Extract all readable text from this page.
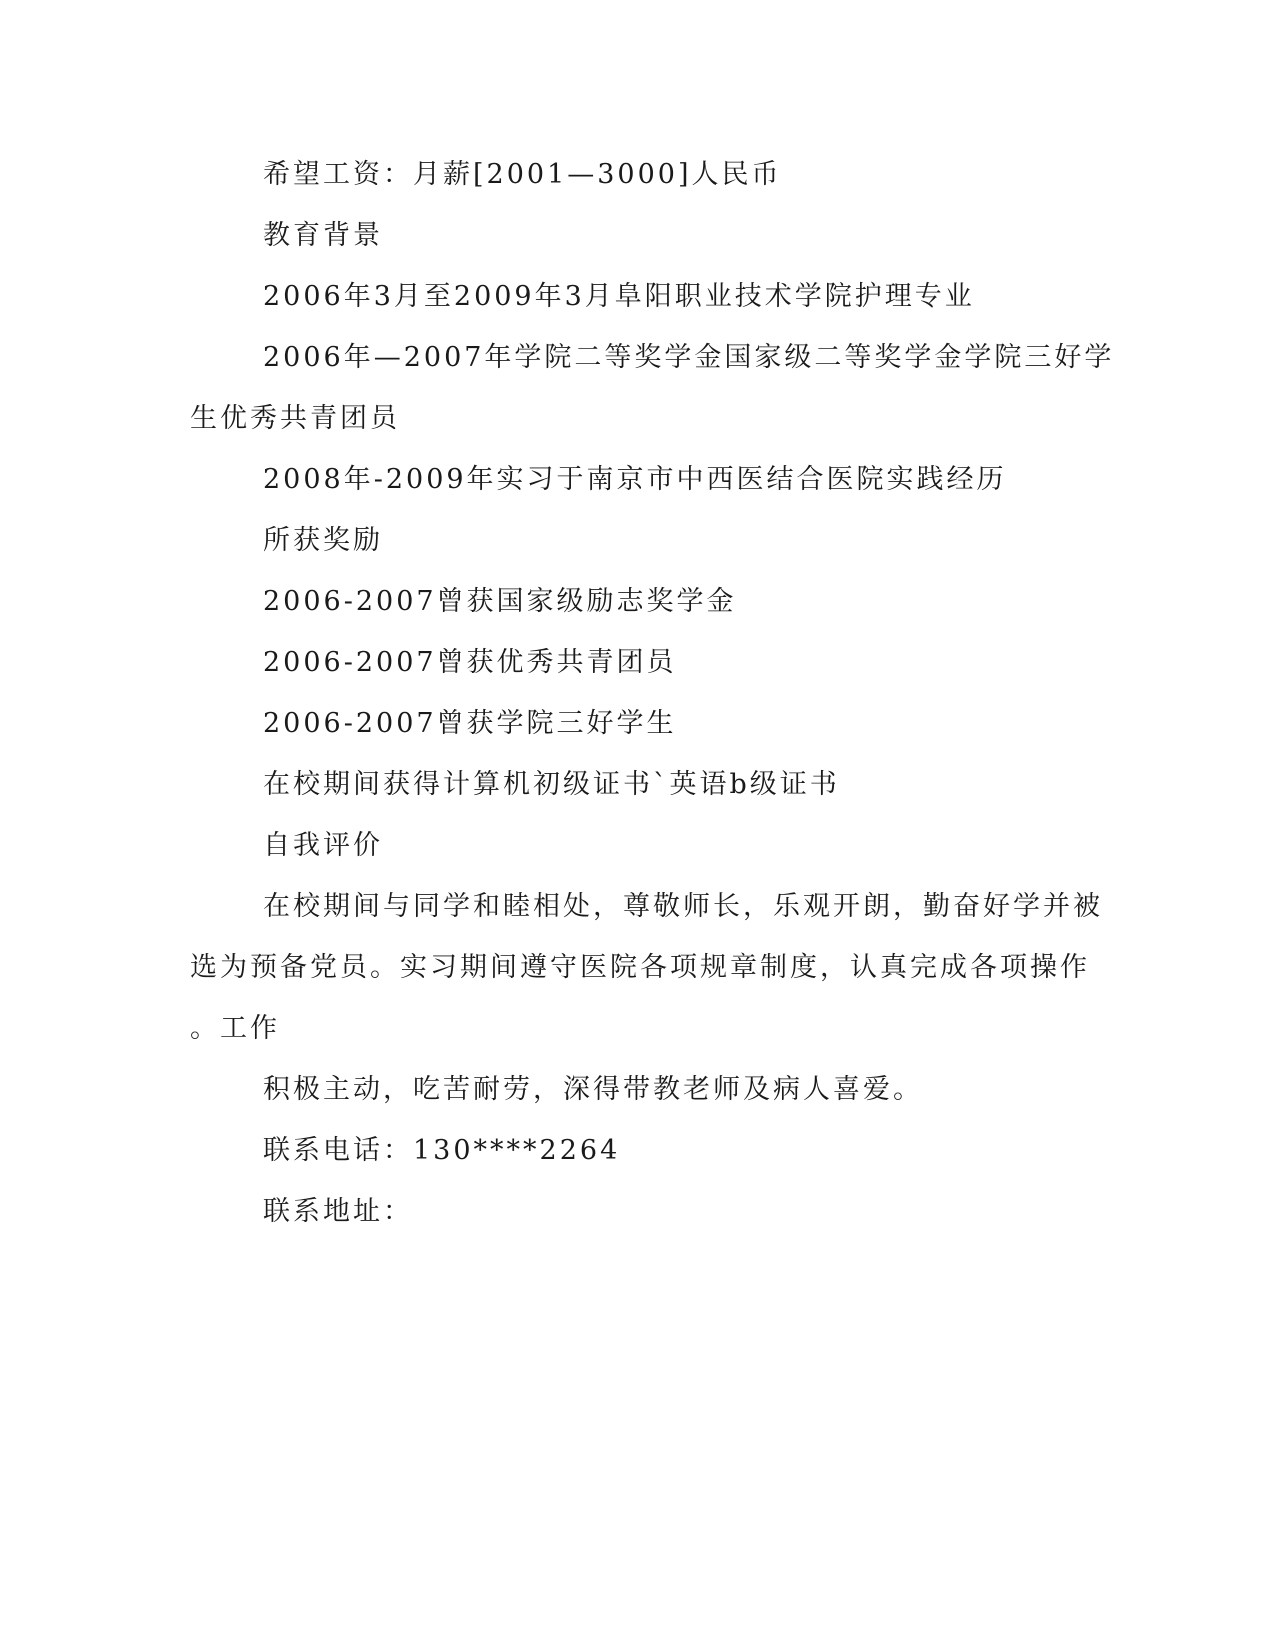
希望工资：月薪[2001—3000]人民币
教育背景
2006年3月至2009年3月阜阳职业技术学院护理专业
2006年—2007年学院二等奖学金国家级二等奖学金学院三好学
生优秀共青团员
2008年-2009年实习于南京市中西医结合医院实践经历
所获奖励
2006-2007曾获国家级励志奖学金
2006-2007曾获优秀共青团员
2006-2007曾获学院三好学生
在校期间获得计算机初级证书`英语b级证书
自我评价
在校期间与同学和睦相处，尊敬师长，乐观开朗，勤奋好学并被
选为预备党员。实习期间遵守医院各项规章制度，认真完成各项操作
。工作
积极主动，吃苦耐劳，深得带教老师及病人喜爱。
联系电话：130****2264
联系地址：
